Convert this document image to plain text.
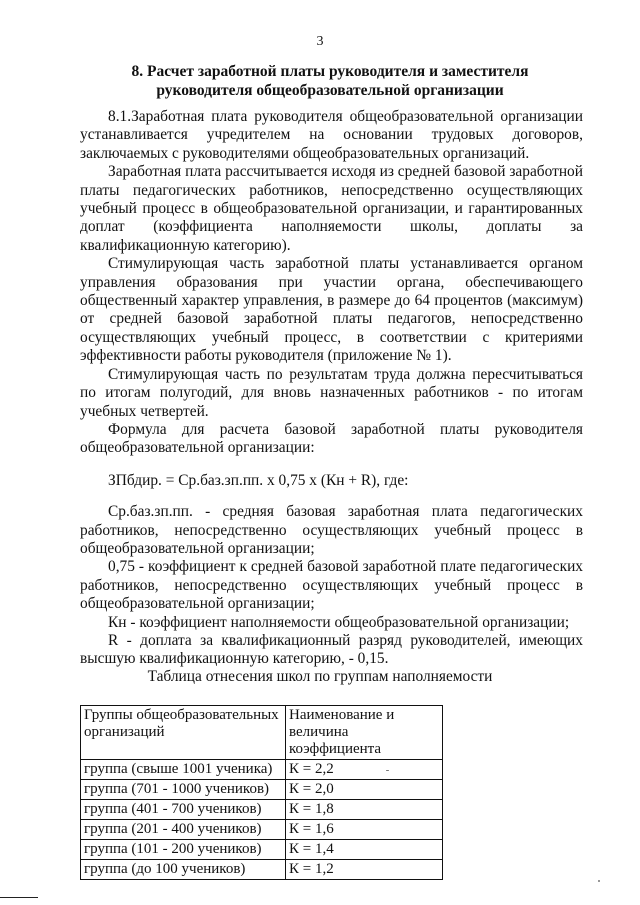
3
8. Расчет заработной платы руководителя и заместителя
руководителя общеобразовательной организации

8.1.Заработная плата руководителя общеобразовательной организации устанавливается учредителем на основании трудовых договоров, заключаемых с руководителями общеобразовательных организаций.

Заработная плата рассчитывается исходя из средней базовой заработной платы педагогических работников, непосредственно осуществляющих учебный процесс в общеобразовательной организации, и гарантированных доплат (коэффициента наполняемости школы, доплаты за квалификационную категорию).

Стимулирующая часть заработной платы устанавливается органом управления образования при участии органа, обеспечивающего общественный характер управления, в размере до 64 процентов (максимум) от средней базовой заработной платы педагогов, непосредственно осуществляющих учебный процесс, в соответствии с критериями эффективности работы руководителя (приложение № 1).

Стимулирующая часть по результатам труда должна пересчитываться по итогам полугодий, для вновь назначенных работников - по итогам учебных четвертей.

Формула для расчета базовой заработной платы руководителя общеобразовательной организации:

ЗПбдир. = Ср.баз.зп.пп. х 0,75 х (Кн + R), где:

Ср.баз.зп.пп. - средняя базовая заработная плата педагогических работников, непосредственно осуществляющих учебный процесс в общеобразовательной организации;

0,75 - коэффициент к средней базовой заработной плате педагогических работников, непосредственно осуществляющих учебный процесс в общеобразовательной организации;

Кн - коэффициент наполняемости общеобразовательной организации;

R - доплата за квалификационный разряд руководителей, имеющих высшую квалификационную категорию, - 0,15.

Таблица отнесения школ по группам наполняемости
Группы общеобразовательных организаций	Наименование и величина коэффициента
группа (свыше 1001 ученика)	К = 2,2
группа (701 - 1000 учеников)	К = 2,0
группа (401 - 700 учеников)	К = 1,8
группа (201 - 400 учеников)	К = 1,6
группа (101 - 200 учеников)	К = 1,4
группа (до 100 учеников)	К = 1,2
